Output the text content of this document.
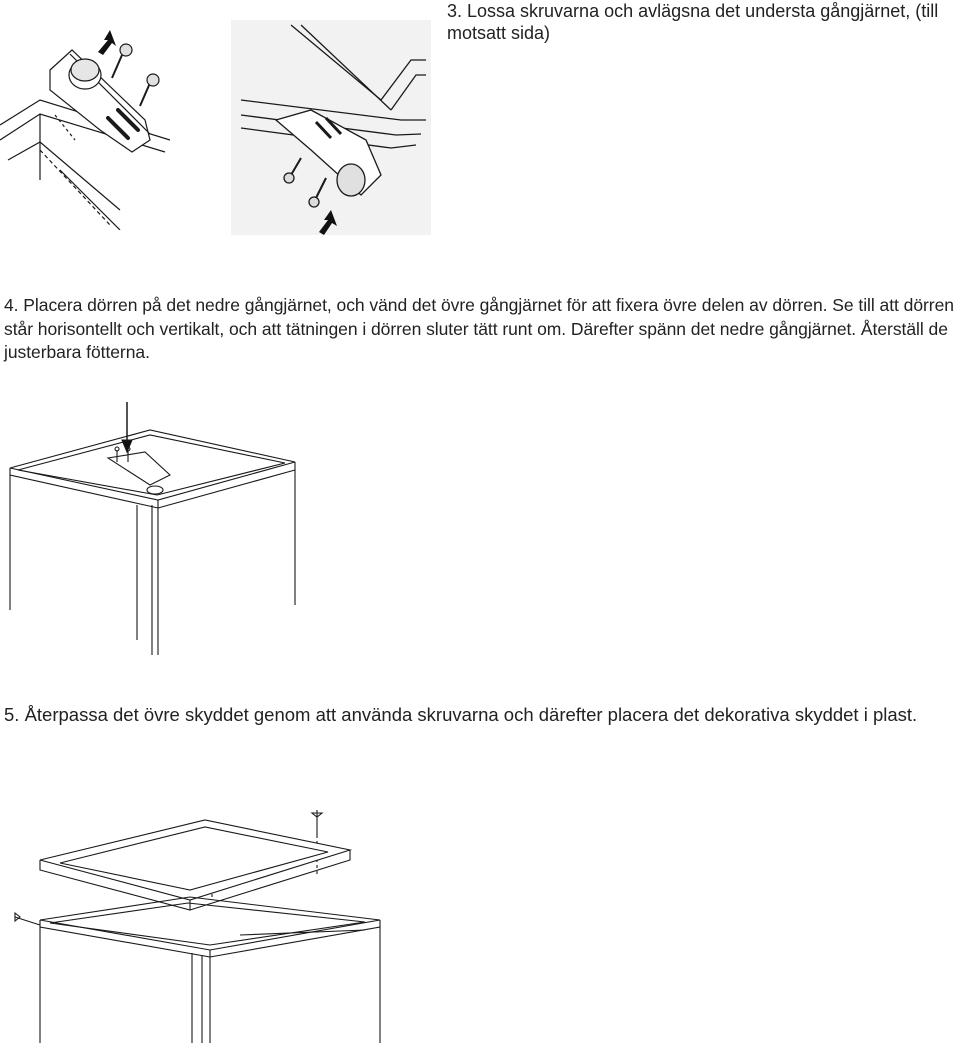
3. Lossa skruvarna och avlägsna det understa gångjärnet, (till motsatt sida)

4. Placera dörren på det nedre gångjärnet, och vänd det övre gångjärnet för att fixera övre delen av dörren. Se till att dörren står horisontellt och vertikalt, och att tätningen i dörren sluter tätt runt om. Därefter spänn det nedre gångjärnet. Återställ de justerbara fötterna.

5. Återpassa det övre skyddet genom att använda skruvarna och därefter placera det dekorativa skyddet i plast.
